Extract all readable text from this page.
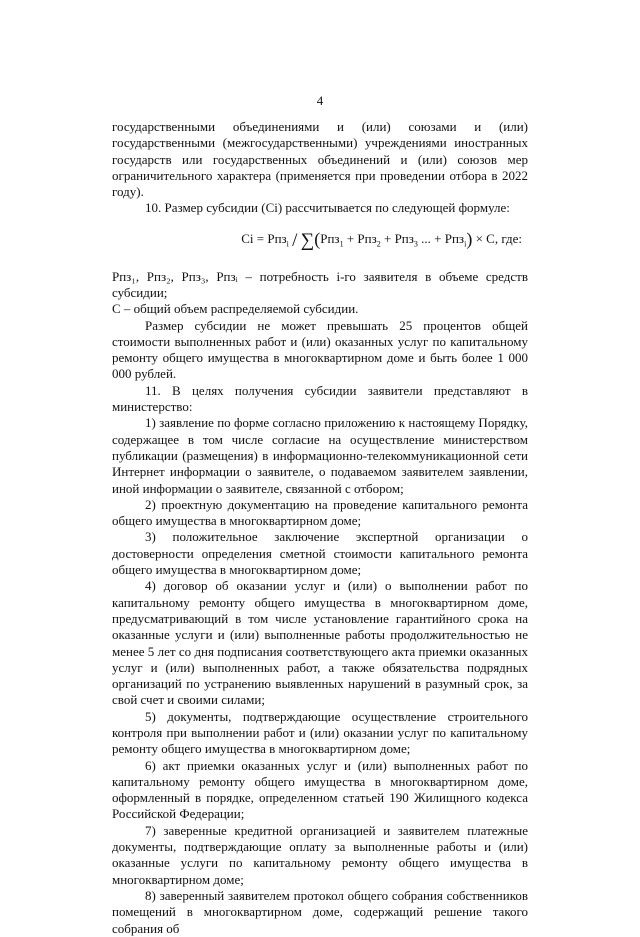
4

государственными объединениями и (или) союзами и (или) государственными (межгосударственными) учреждениями иностранных государств или государственных объединений и (или) союзов мер ограничительного характера (применяется при проведении отбора в 2022 году).

10. Размер субсидии (Ci) рассчитывается по следующей формуле:

Ci = Рпз$_i$ / ∑(Рпз$_1$ + Рпз$_2$ + Рпз$_3$ ... + Рпз$_i$) × С, где:

Рпз₁, Рпз₂, Рпз₃, Рпзᵢ – потребность i-го заявителя в объеме средств субсидии;

С – общий объем распределяемой субсидии.

Размер субсидии не может превышать 25 процентов общей стоимости выполненных работ и (или) оказанных услуг по капитальному ремонту общего имущества в многоквартирном доме и быть более 1 000 000 рублей.

11. В целях получения субсидии заявители представляют в министерство:

1) заявление по форме согласно приложению к настоящему Порядку, содержащее в том числе согласие на осуществление министерством публикации (размещения) в информационно-телекоммуникационной сети Интернет информации о заявителе, о подаваемом заявителем заявлении, иной информации о заявителе, связанной с отбором;

2) проектную документацию на проведение капитального ремонта общего имущества в многоквартирном доме;

3) положительное заключение экспертной организации о достоверности определения сметной стоимости капитального ремонта общего имущества в многоквартирном доме;

4) договор об оказании услуг и (или) о выполнении работ по капитальному ремонту общего имущества в многоквартирном доме, предусматривающий в том числе установление гарантийного срока на оказанные услуги и (или) выполненные работы продолжительностью не менее 5 лет со дня подписания соответствующего акта приемки оказанных услуг и (или) выполненных работ, а также обязательства подрядных организаций по устранению выявленных нарушений в разумный срок, за свой счет и своими силами;

5) документы, подтверждающие осуществление строительного контроля при выполнении работ и (или) оказании услуг по капитальному ремонту общего имущества в многоквартирном доме;

6) акт приемки оказанных услуг и (или) выполненных работ по капитальному ремонту общего имущества в многоквартирном доме, оформленный в порядке, определенном статьей 190 Жилищного кодекса Российской Федерации;

7) заверенные кредитной организацией и заявителем платежные документы, подтверждающие оплату за выполненные работы и (или) оказанные услуги по капитальному ремонту общего имущества в многоквартирном доме;

8) заверенный заявителем протокол общего собрания собственников помещений в многоквартирном доме, содержащий решение такого собрания об
